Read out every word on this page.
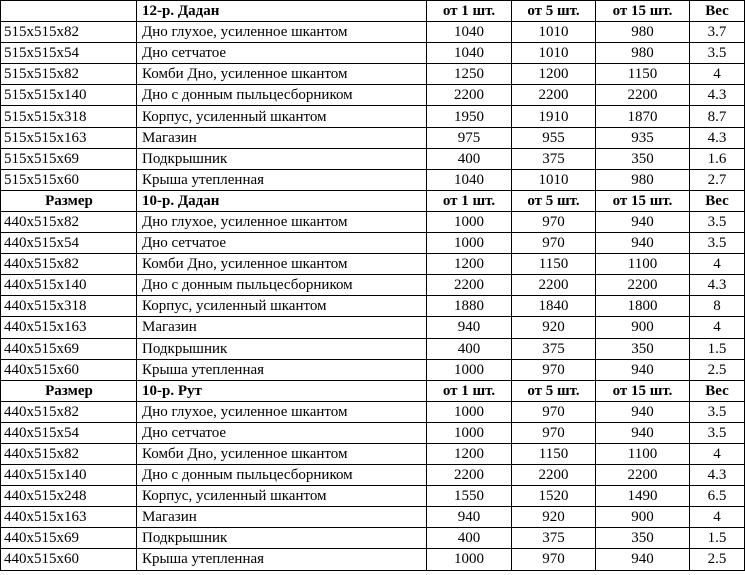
	12-р. Дадан	от 1 шт.	от 5 шт.	от 15 шт.	Вес
515x515x82	Дно глухое, усиленное шкантом	1040	1010	980	3.7
515x515x54	Дно сетчатое	1040	1010	980	3.5
515x515x82	Комби Дно, усиленное шкантом	1250	1200	1150	4
515x515x140	Дно с донным пыльцесборником	2200	2200	2200	4.3
515x515x318	Корпус, усиленный шкантом	1950	1910	1870	8.7
515x515x163	Магазин	975	955	935	4.3
515x515x69	Подкрышник	400	375	350	1.6
515x515x60	Крыша утепленная	1040	1010	980	2.7
Размер	10-р. Дадан	от 1 шт.	от 5 шт.	от 15 шт.	Вес
440x515x82	Дно глухое, усиленное шкантом	1000	970	940	3.5
440x515x54	Дно сетчатое	1000	970	940	3.5
440x515x82	Комби Дно, усиленное шкантом	1200	1150	1100	4
440x515x140	Дно с донным пыльцесборником	2200	2200	2200	4.3
440x515x318	Корпус, усиленный шкантом	1880	1840	1800	8
440x515x163	Магазин	940	920	900	4
440x515x69	Подкрышник	400	375	350	1.5
440x515x60	Крыша утепленная	1000	970	940	2.5
Размер	10-р. Рут	от 1 шт.	от 5 шт.	от 15 шт.	Вес
440x515x82	Дно глухое, усиленное шкантом	1000	970	940	3.5
440x515x54	Дно сетчатое	1000	970	940	3.5
440x515x82	Комби Дно, усиленное шкантом	1200	1150	1100	4
440x515x140	Дно с донным пыльцесборником	2200	2200	2200	4.3
440x515x248	Корпус, усиленный шкантом	1550	1520	1490	6.5
440x515x163	Магазин	940	920	900	4
440x515x69	Подкрышник	400	375	350	1.5
440x515x60	Крыша утепленная	1000	970	940	2.5
